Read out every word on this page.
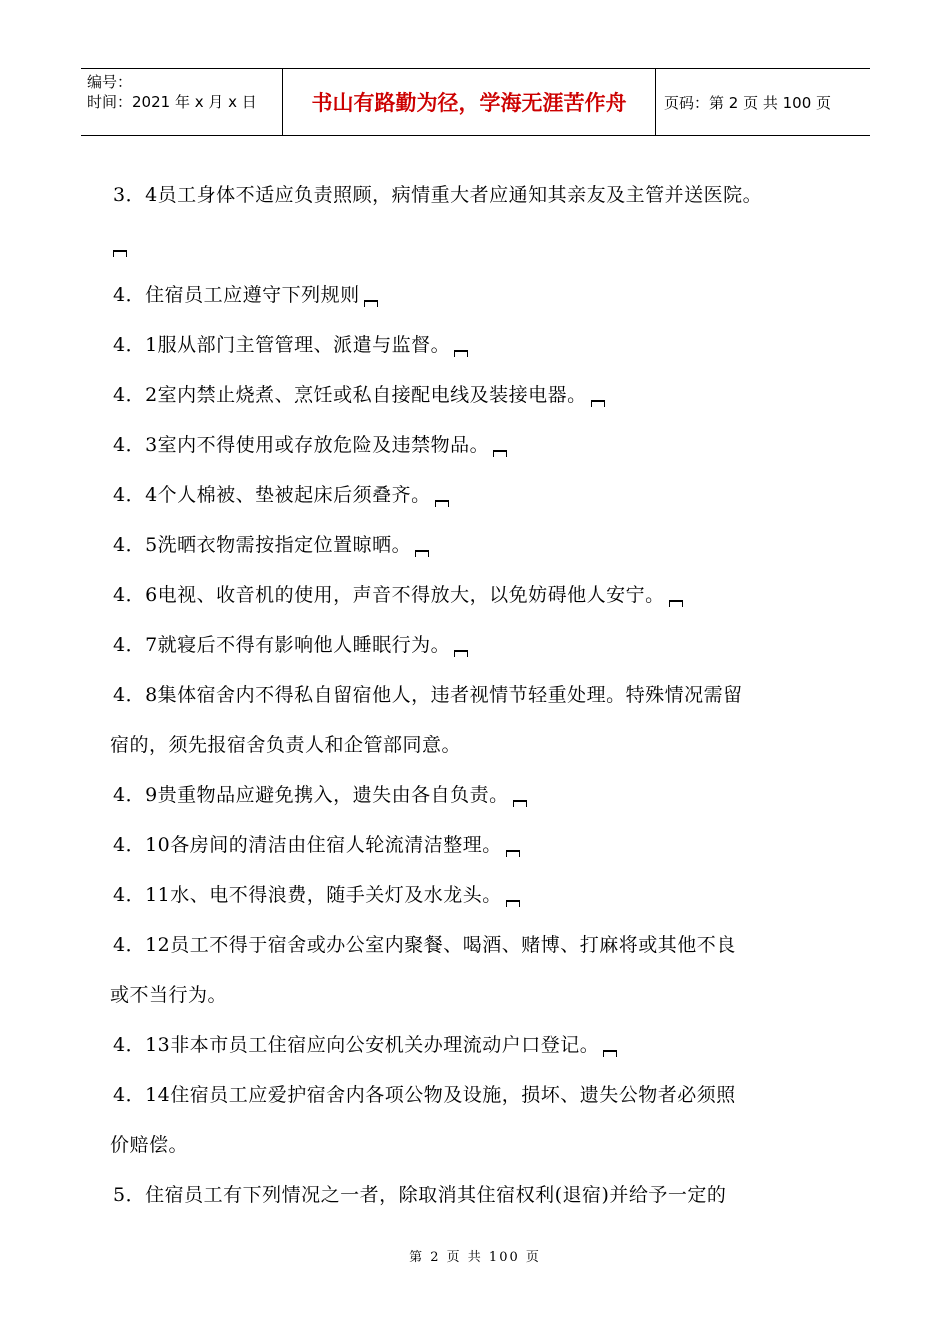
编号：
时间：2021 年 x 月 x 日	书山有路勤为径，学海无涯苦作舟	页码：第 2 页 共 100 页
3．4员工身体不适应负责照顾，病情重大者应通知其亲友及主管并送医院。
4．住宿员工应遵守下列规则
4．1服从部门主管管理、派遣与监督。
4．2室内禁止烧煮、烹饪或私自接配电线及装接电器。
4．3室内不得使用或存放危险及违禁物品。
4．4个人棉被、垫被起床后须叠齐。
4．5洗晒衣物需按指定位置晾晒。
4．6电视、收音机的使用，声音不得放大，以免妨碍他人安宁。
4．7就寝后不得有影响他人睡眠行为。
4．8集体宿舍内不得私自留宿他人，违者视情节轻重处理。特殊情况需留
宿的，须先报宿舍负责人和企管部同意。
4．9贵重物品应避免携入，遗失由各自负责。
4．10各房间的清洁由住宿人轮流清洁整理。
4．11水、电不得浪费，随手关灯及水龙头。
4．12员工不得于宿舍或办公室内聚餐、喝酒、赌博、打麻将或其他不良
或不当行为。
4．13非本市员工住宿应向公安机关办理流动户口登记。
4．14住宿员工应爱护宿舍内各项公物及设施，损坏、遗失公物者必须照
价赔偿。
5．住宿员工有下列情况之一者，除取消其住宿权利(退宿)并给予一定的
第 2 页 共 100 页
